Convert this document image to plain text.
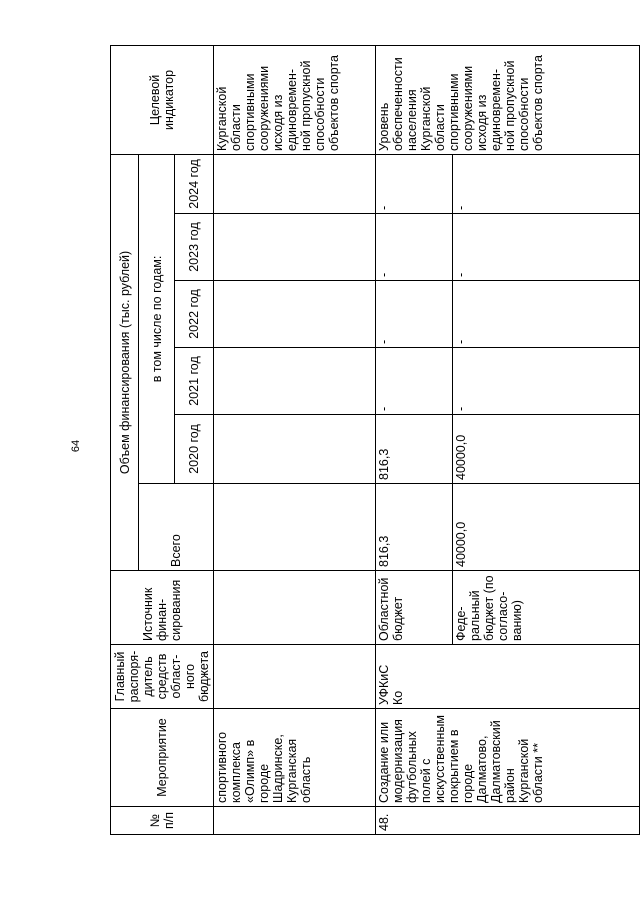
64
№ п/п	Мероприятие	Главный распоря-дитель средств област-ного бюджета	Источник финан-сирования	Объем финансирования (тыс. рублей)						Целевой индикатор
				Всего	в том числе по годам:					
					2020 год	2021 год	2022 год	2023 год	2024 год	
	спортивного комплекса «Олимп» в городе Шадринске, Курганская область									Курганской области спортивными сооружениями исходя из единовремен-ной пропускной способности объектов спорта
48.	Создание или модернизация футбольных полей с искусственным покрытием в городе Далматово, Далматовский район Курганской области **	УФКиС Ко	Областной бюджет	816,3	816,3	-	-	-	-	Уровень обеспеченности населения Курганской области спортивными сооружениями исходя из единовремен-ной пропускной способности объектов спорта
			Феде-ральный бюджет (по согласо-ванию)	40000,0	40000,0	-	-	-	-	
